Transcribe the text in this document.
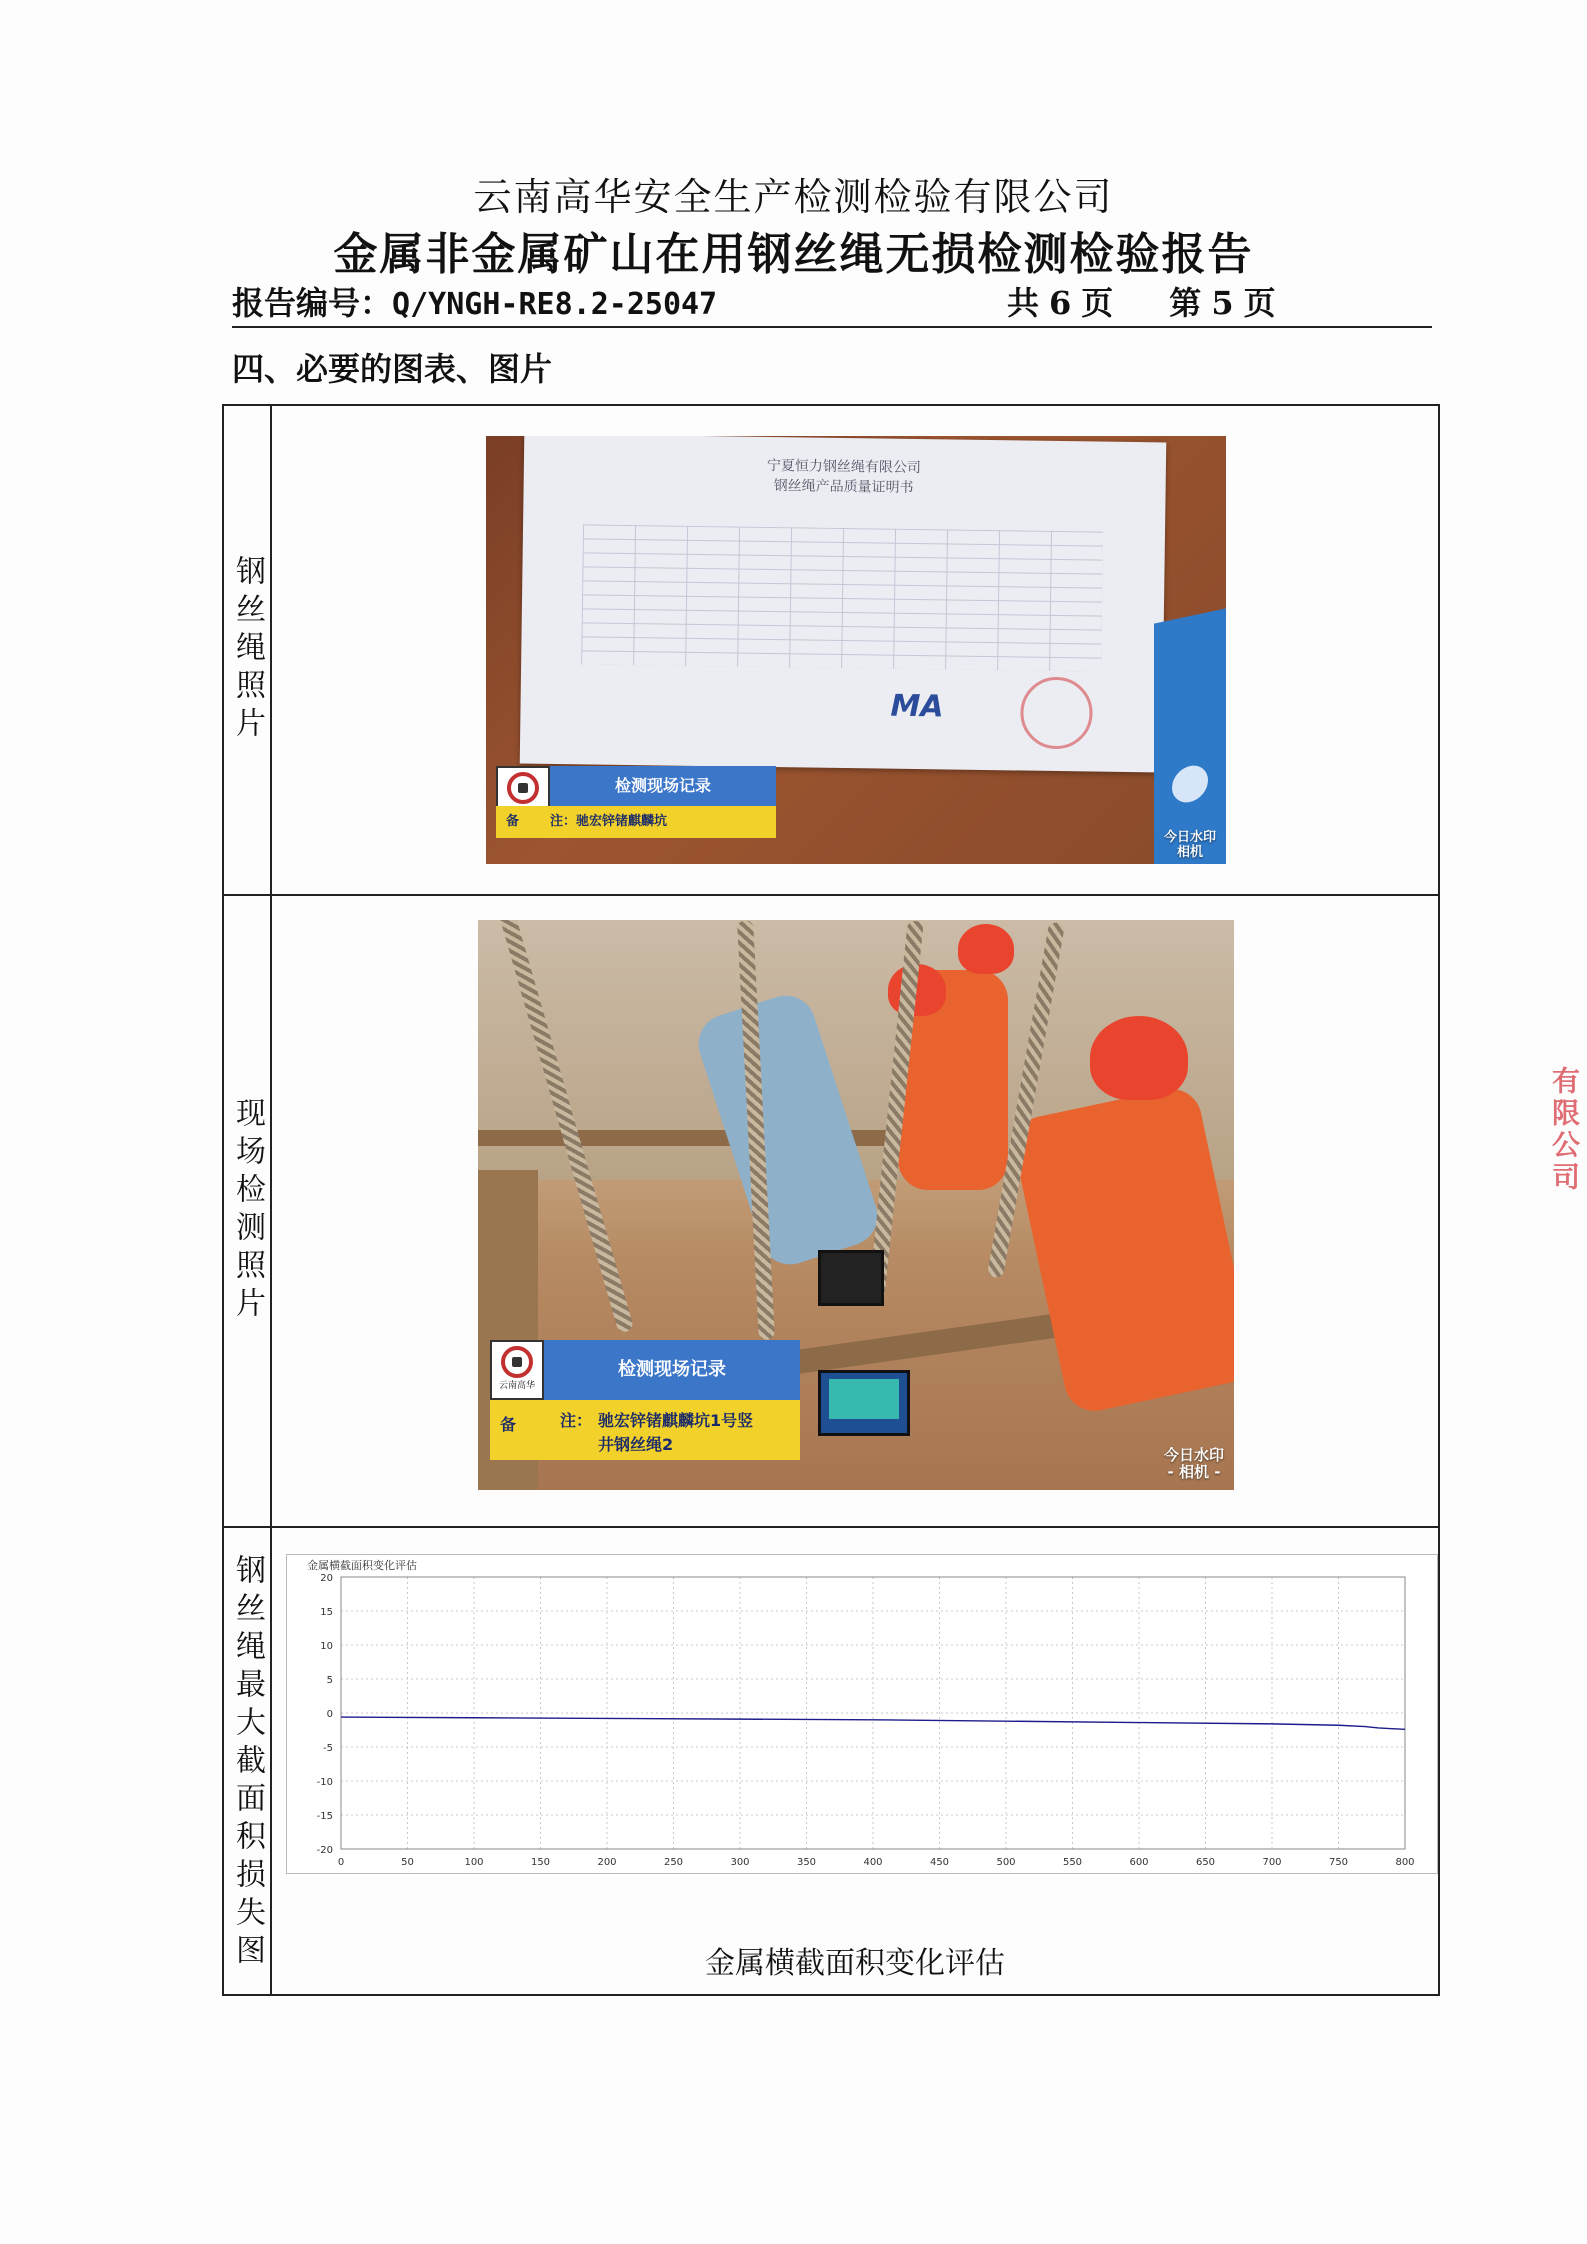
云南高华安全生产检测检验有限公司
金属非金属矿山在用钢丝绳无损检测检验报告
报告编号：Q/YNGH-RE8.2-25047	共 6 页 第 5 页
四、必要的图表、图片
钢丝绳照片
宁夏恒力钢丝绳有限公司
钢丝绳产品质量证明书
MA
检测现场记录
备 注：驰宏锌锗麒麟坑
今日水印
相机
现场检测照片
云南高华
检测现场记录
备	注： 驰宏锌锗麒麟坑1号竖
井钢丝绳2
今日水印
- 相机 -
钢丝绳最大截面积损失图	金属横截面积变化评估
0	50	100	150	200	250	300	350	400	450	500	550	600	650	700	750	800
20
15
10
5
0
-5
-10
-15
-20
金属横截面积变化评估
有限公司
